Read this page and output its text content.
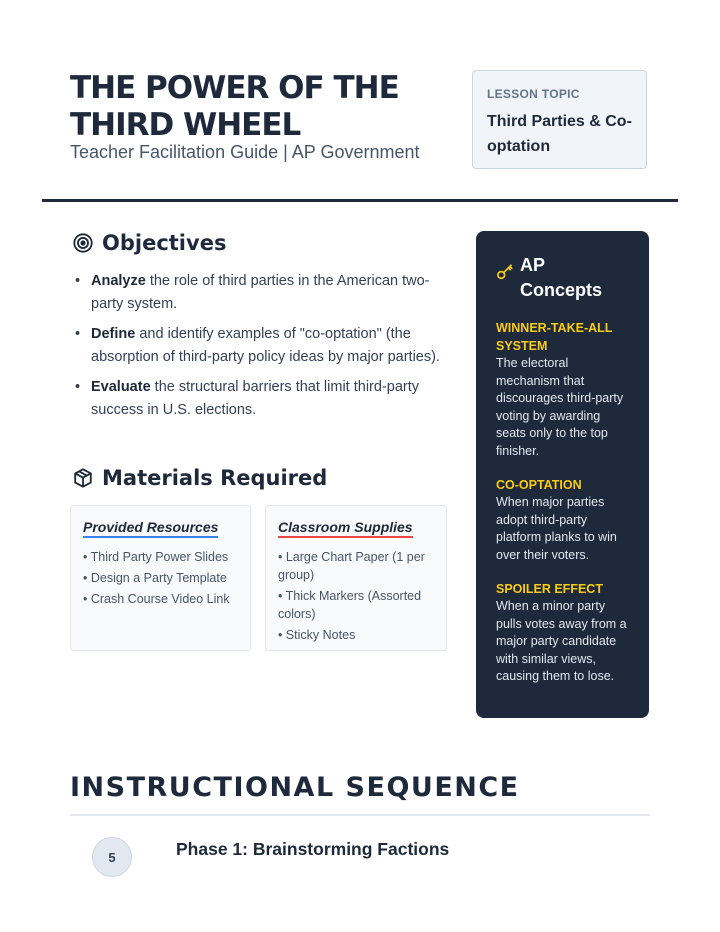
THE POWER OF THE THIRD WHEEL
Teacher Facilitation Guide | AP Government
LESSON TOPIC
Third Parties & Co-optation
Objectives
• Analyze the role of third parties in the American two-party system.
• Define and identify examples of "co-optation" (the absorption of third-party policy ideas by major parties).
• Evaluate the structural barriers that limit third-party success in U.S. elections.
Materials Required
Provided Resources
• Third Party Power Slides
• Design a Party Template
• Crash Course Video Link
Classroom Supplies
• Large Chart Paper (1 per group)
• Thick Markers (Assorted colors)
• Sticky Notes
AP Concepts
WINNER-TAKE-ALL SYSTEM
The electoral mechanism that discourages third-party voting by awarding seats only to the top finisher.
CO-OPTATION
When major parties adopt third-party platform planks to win over their voters.
SPOILER EFFECT
When a minor party pulls votes away from a major party candidate with similar views, causing them to lose.
INSTRUCTIONAL SEQUENCE
5	Phase 1: Brainstorming Factions
